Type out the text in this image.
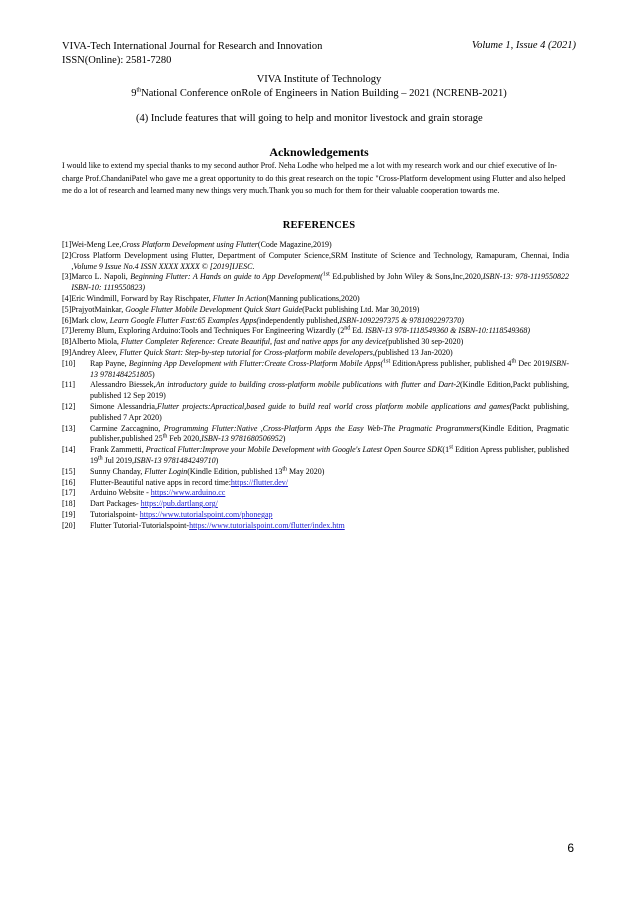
VIVA-Tech International Journal for Research and Innovation
ISSN(Online): 2581-7280
Volume 1, Issue 4 (2021)
VIVA Institute of Technology
9thNational Conference onRole of Engineers in Nation Building – 2021 (NCRENB-2021)
(4) Include features that will going to help and monitor livestock and grain storage
Acknowledgements
I would like to extend my special thanks to my second author Prof. Neha Lodhe who helped me a lot with my research work and our chief executive of In-charge Prof.ChandaniPatel who gave me a great opportunity to do this great research on the topic "Cross-Platform development using Flutter and also helped me do a lot of research and learned many new things very much.Thank you so much for them for their valuable cooperation towards me.
REFERENCES
[1] Wei-Meng Lee,Cross Platform Development using Flutter(Code Magazine,2019)
[2] Cross Platform Development using Flutter, Department of Computer Science,SRM Institute of Science and Technology, Ramapuram, Chennai, India ,Volume 9 Issue No.4 ISSN XXXX XXXX © [2019]IJESC.
[3] Marco L. Napoli, Beginning Flutter: A Hands on guide to App Development($^{1st}$ Ed.published by John Wiley & Sons,Inc,2020,ISBN-13: 978-1119550822 ISBN-10: 1119550823)
[4] Eric Windmill, Forward by Ray Rischpater, Flutter In Action(Manning publications,2020)
[5] PrajyotMainkar, Google Flutter Mobile Development Quick Start Guide(Packt publishing Ltd. Mar 30,2019)
[6] Mark clow, Learn Google Flutter Fast:65 Examples Apps(independently published,ISBN-1092297375 & 9781092297370)
[7] Jeremy Blum, Exploring Arduino:Tools and Techniques For Engineering Wizardly (2nd Ed. ISBN-13 978-1118549360 & ISBN-10:1118549368)
[8] Alberto Miola, Flutter Completer Reference: Create Beautiful, fast and native apps for any device(published 30 sep-2020)
[9] Andrey Aleev, Flutter Quick Start: Step-by-step tutorial for Cross-platform mobile developers,(published 13 Jan-2020)
[10]	Rap Payne, Beginning App Development with Flutter:Create Cross-Platform Mobile Apps($^{1st}$ EditionApress publisher, published 4th Dec 2019ISBN-13 9781484251805)
[11]	Alessandro Biessek,An introductory guide to building cross-platform mobile publications with flutter and Dart-2(Kindle Edition,Packt publishing, published 12 Sep 2019)
[12]	Simone Alessandria,Flutter projects:Apractical,based guide to build real world cross platform mobile applications and games(Packt publishing, published 7 Apr 2020)
[13]	Carmine Zaccagnino, Programming Flutter:Native ,Cross-Platform Apps the Easy Web-The Pragmatic Programmers(Kindle Edition, Pragmatic publisher,published 25th Feb 2020,ISBN-13 9781680506952)
[14]	Frank Zammetti, Practical Flutter:Improve your Mobile Development with Google's Latest Open Source SDK(1st Edition Apress publisher, published 19th Jul 2019,ISBN-13 9781484249710)
[15]	Sunny Chanday, Flutter Login(Kindle Edition, published 13th May 2020)
[16]	Flutter-Beautiful native apps in record time:https://flutter.dev/
[17]	Arduino Website - https://www.arduino.cc
[18]	Dart Packages- https://pub.dartlang.org/
[19]	Tutorialspoint- https://www.tutorialspoint.com/phonegap
[20]	Flutter Tutorial-Tutorialspoint-https://www.tutorialspoint.com/flutter/index.htm
6
